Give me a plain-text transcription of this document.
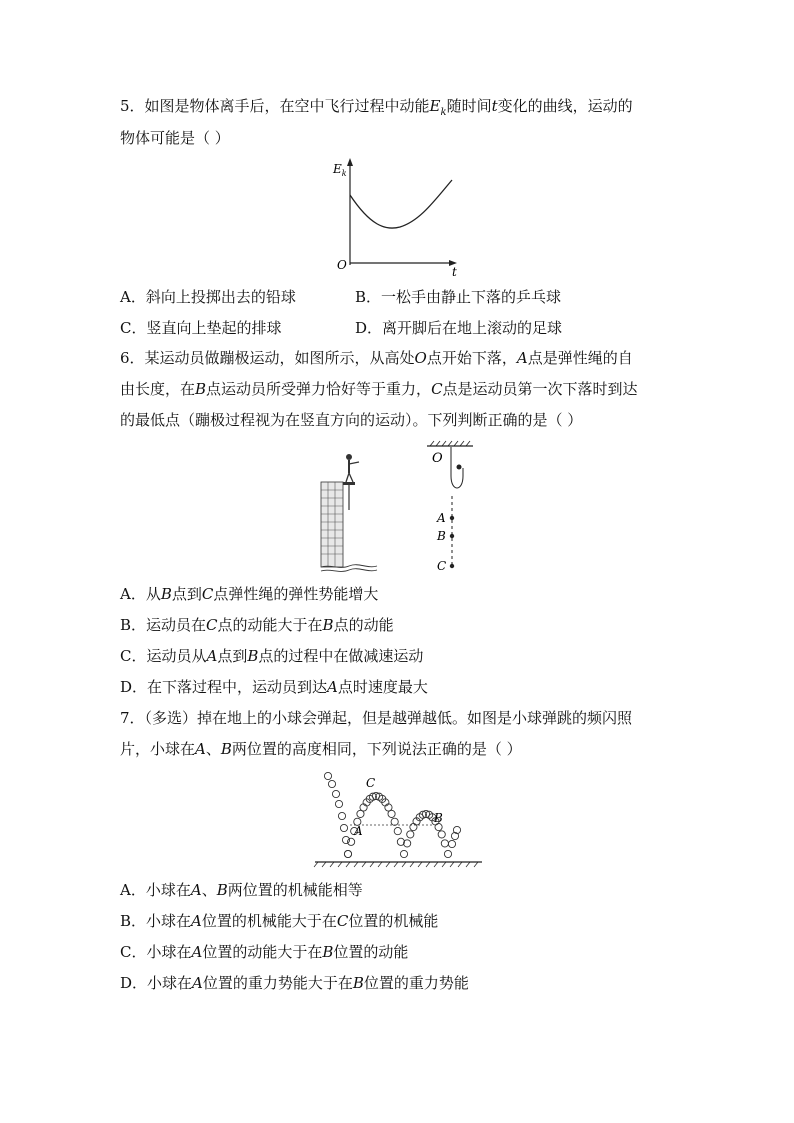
5．如图是物体离手后，在空中飞行过程中动能$E_k$随时间t变化的曲线，运动的
物体可能是（ ）
$E_k$
O	t
A．斜向上投掷出去的铅球	B．一松手由静止下落的乒乓球
C．竖直向上垫起的排球	D．离开脚后在地上滚动的足球
6．某运动员做蹦极运动，如图所示，从高处O点开始下落，A点是弹性绳的自
由长度，在B点运动员所受弹力恰好等于重力，C点是运动员第一次下落时到达
的最低点（蹦极过程视为在竖直方向的运动）。下列判断正确的是（ ）
O
A
B
C
A．从B点到C点弹性绳的弹性势能增大
B．运动员在C点的动能大于在B点的动能
C．运动员从A点到B点的过程中在做减速运动
D．在下落过程中，运动员到达A点时速度最大
7．（多选）掉在地上的小球会弹起，但是越弹越低。如图是小球弹跳的频闪照
片，小球在A、B两位置的高度相同，下列说法正确的是（ ）
C
A
B
A．小球在A、B两位置的机械能相等
B．小球在A位置的机械能大于在C位置的机械能
C．小球在A位置的动能大于在B位置的动能
D．小球在A位置的重力势能大于在B位置的重力势能
